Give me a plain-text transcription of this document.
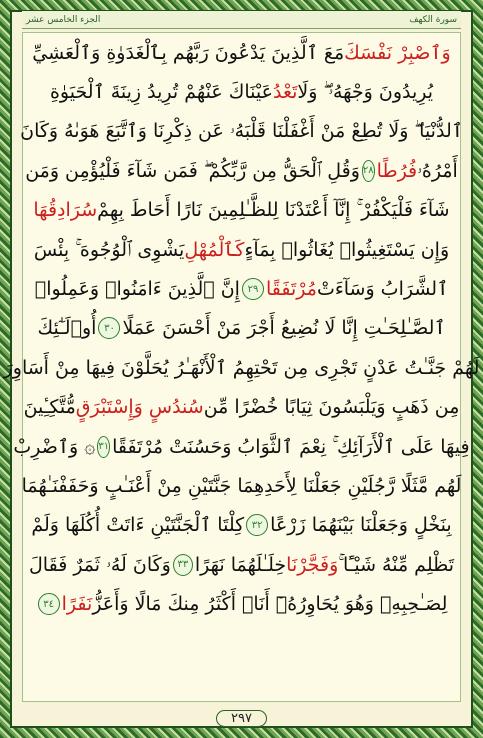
سورة الكهف
الجزء الخامس عشر
وَٱصْبِرْ نَفْسَكَ
مَعَ ٱلَّذِينَ يَدْعُونَ رَبَّهُم بِٱلْغَدَوٰةِ وَٱلْعَشِيِّ
يُرِيدُونَ وَجْهَهُۥ ۖ وَلَا
تَعْدُ
عَيْنَاكَ عَنْهُمْ تُرِيدُ زِينَةَ ٱلْحَيَوٰةِ
ٱلدُّنْيَا ۖ وَلَا تُطِعْ مَنْ أَغْفَلْنَا قَلْبَهُۥ عَن ذِكْرِنَا وَٱتَّبَعَ هَوَىٰهُ وَكَانَ
أَمْرُهُۥ
فُرُطًا
٢٨
وَقُلِ ٱلْحَقُّ مِن رَّبِّكُمْ ۖ فَمَن شَآءَ فَلْيُؤْمِن وَمَن
شَآءَ فَلْيَكْفُرْ ۚ إِنَّآ أَعْتَدْنَا لِلظَّـٰلِمِينَ نَارًا أَحَاطَ بِهِمْ
سُرَادِقُهَا
وَإِن يَسْتَغِيثُوا۟ يُغَاثُوا۟ بِمَآءٍ
كَٱلْمُهْلِ
يَشْوِى ٱلْوُجُوهَ ۚ بِئْسَ
ٱلشَّرَابُ وَسَآءَتْ
مُرْتَفَقًا
٢٩
إِنَّ ٱلَّذِينَ ءَامَنُوا۟ وَعَمِلُوا۟
ٱلصَّـٰلِحَـٰتِ إِنَّا لَا نُضِيعُ أَجْرَ مَنْ أَحْسَنَ عَمَلًا
٣٠
أُو۟لَـٰٓئِكَ
لَهُمْ جَنَّـٰتُ عَدْنٍ تَجْرِى مِن تَحْتِهِمُ ٱلْأَنْهَـٰرُ يُحَلَّوْنَ فِيهَا مِنْ أَسَاوِرَ
مِن ذَهَبٍ وَيَلْبَسُونَ ثِيَابًا خُضْرًا مِّن
سُندُسٍ وَإِسْتَبْرَقٍ
مُّتَّكِـِٔينَ
فِيهَا عَلَى ٱلْأَرَآئِكِ ۚ نِعْمَ ٱلثَّوَابُ وَحَسُنَتْ مُرْتَفَقًا
٣١
۞ وَٱضْرِبْ
لَهُم مَّثَلًا رَّجُلَيْنِ جَعَلْنَا لِأَحَدِهِمَا جَنَّتَيْنِ مِنْ أَعْنَـٰبٍ وَحَفَفْنَـٰهُمَا
بِنَخْلٍ وَجَعَلْنَا بَيْنَهُمَا زَرْعًا
٣٢
كِلْتَا ٱلْجَنَّتَيْنِ ءَاتَتْ أُكُلَهَا وَلَمْ
تَظْلِم مِّنْهُ شَيْـًٔا ۚ
وَفَجَّرْنَا
خِلَـٰلَهُمَا نَهَرًا
٣٣
وَكَانَ لَهُۥ ثَمَرٌ فَقَالَ
لِصَـٰحِبِهِۦ وَهُوَ يُحَاوِرُهُۥٓ أَنَا۠ أَكْثَرُ مِنكَ مَالًا وَأَعَزُّ
نَفَرًا
٣٤
٢٩٧
